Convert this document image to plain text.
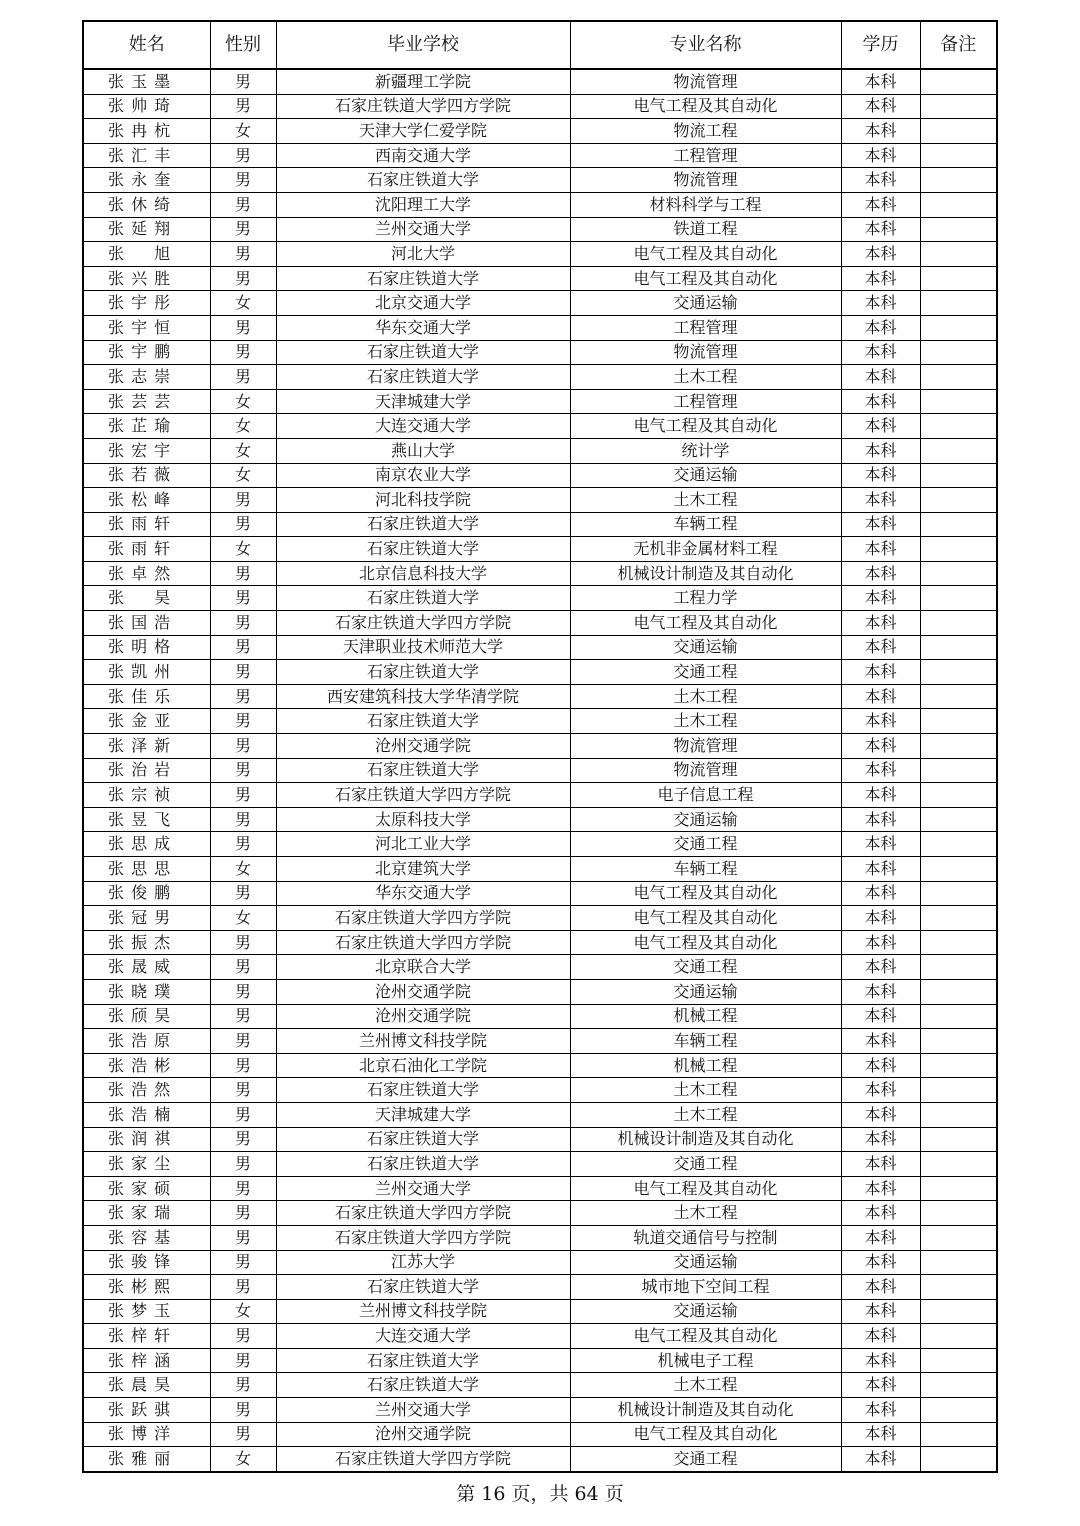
姓名	性别	毕业学校	专业名称	学历	备注
张 玉 墨	男	新疆理工学院	物流管理	本科	
张 帅 琦	男	石家庄铁道大学四方学院	电气工程及其自动化	本科	
张 冉 杭	女	天津大学仁爱学院	物流工程	本科	
张 汇 丰	男	西南交通大学	工程管理	本科	
张 永 奎	男	石家庄铁道大学	物流管理	本科	
张 休 绮	男	沈阳理工大学	材料科学与工程	本科	
张 延 翔	男	兰州交通大学	铁道工程	本科	
张 　 旭	男	河北大学	电气工程及其自动化	本科	
张 兴 胜	男	石家庄铁道大学	电气工程及其自动化	本科	
张 宇 彤	女	北京交通大学	交通运输	本科	
张 宇 恒	男	华东交通大学	工程管理	本科	
张 宇 鹏	男	石家庄铁道大学	物流管理	本科	
张 志 崇	男	石家庄铁道大学	土木工程	本科	
张 芸 芸	女	天津城建大学	工程管理	本科	
张 芷 瑜	女	大连交通大学	电气工程及其自动化	本科	
张 宏 宇	女	燕山大学	统计学	本科	
张 若 薇	女	南京农业大学	交通运输	本科	
张 松 峰	男	河北科技学院	土木工程	本科	
张 雨 轩	男	石家庄铁道大学	车辆工程	本科	
张 雨 轩	女	石家庄铁道大学	无机非金属材料工程	本科	
张 卓 然	男	北京信息科技大学	机械设计制造及其自动化	本科	
张 　 昊	男	石家庄铁道大学	工程力学	本科	
张 国 浩	男	石家庄铁道大学四方学院	电气工程及其自动化	本科	
张 明 格	男	天津职业技术师范大学	交通运输	本科	
张 凯 州	男	石家庄铁道大学	交通工程	本科	
张 佳 乐	男	西安建筑科技大学华清学院	土木工程	本科	
张 金 亚	男	石家庄铁道大学	土木工程	本科	
张 泽 新	男	沧州交通学院	物流管理	本科	
张 治 岩	男	石家庄铁道大学	物流管理	本科	
张 宗 祯	男	石家庄铁道大学四方学院	电子信息工程	本科	
张 昱 飞	男	太原科技大学	交通运输	本科	
张 思 成	男	河北工业大学	交通工程	本科	
张 思 思	女	北京建筑大学	车辆工程	本科	
张 俊 鹏	男	华东交通大学	电气工程及其自动化	本科	
张 冠 男	女	石家庄铁道大学四方学院	电气工程及其自动化	本科	
张 振 杰	男	石家庄铁道大学四方学院	电气工程及其自动化	本科	
张 晟 威	男	北京联合大学	交通工程	本科	
张 晓 璞	男	沧州交通学院	交通运输	本科	
张 颀 昊	男	沧州交通学院	机械工程	本科	
张 浩 原	男	兰州博文科技学院	车辆工程	本科	
张 浩 彬	男	北京石油化工学院	机械工程	本科	
张 浩 然	男	石家庄铁道大学	土木工程	本科	
张 浩 楠	男	天津城建大学	土木工程	本科	
张 润 祺	男	石家庄铁道大学	机械设计制造及其自动化	本科	
张 家 尘	男	石家庄铁道大学	交通工程	本科	
张 家 硕	男	兰州交通大学	电气工程及其自动化	本科	
张 家 瑞	男	石家庄铁道大学四方学院	土木工程	本科	
张 容 基	男	石家庄铁道大学四方学院	轨道交通信号与控制	本科	
张 骏 锋	男	江苏大学	交通运输	本科	
张 彬 熙	男	石家庄铁道大学	城市地下空间工程	本科	
张 梦 玉	女	兰州博文科技学院	交通运输	本科	
张 梓 轩	男	大连交通大学	电气工程及其自动化	本科	
张 梓 涵	男	石家庄铁道大学	机械电子工程	本科	
张 晨 昊	男	石家庄铁道大学	土木工程	本科	
张 跃 骐	男	兰州交通大学	机械设计制造及其自动化	本科	
张 博 洋	男	沧州交通学院	电气工程及其自动化	本科	
张 雅 丽	女	石家庄铁道大学四方学院	交通工程	本科	
第 16 页，共 64 页
